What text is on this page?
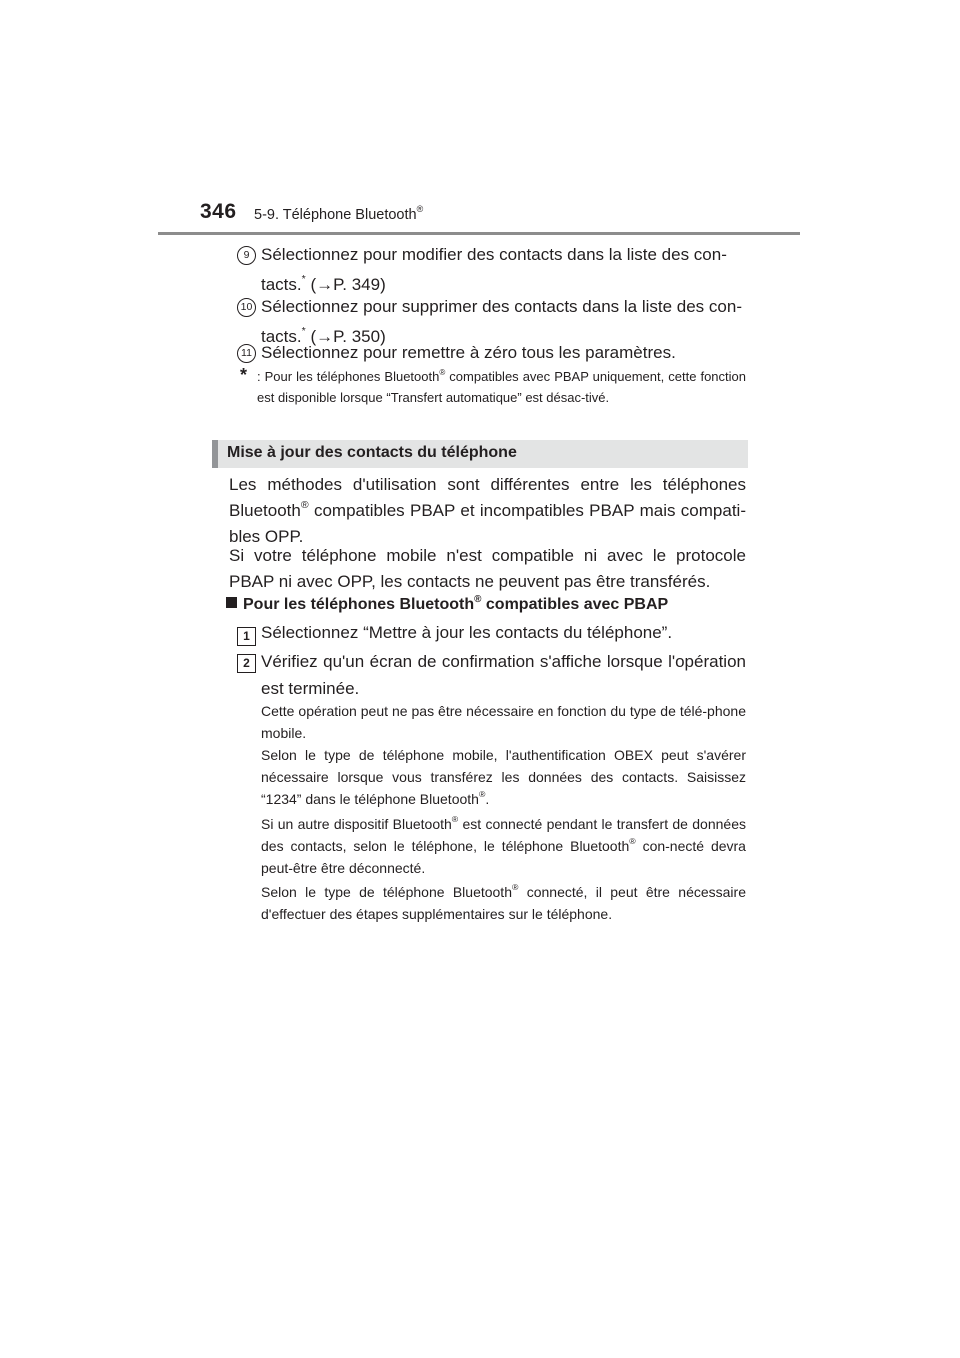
346 5-9. Téléphone Bluetooth®
9 Sélectionnez pour modifier des contacts dans la liste des con-
tacts.* (→P. 349)
10 Sélectionnez pour supprimer des contacts dans la liste des con-
tacts.* (→P. 350)
11 Sélectionnez pour remettre à zéro tous les paramètres.
* : Pour les téléphones Bluetooth® compatibles avec PBAP uniquement, cette fonction est disponible lorsque “Transfert automatique” est désac-tivé.
Mise à jour des contacts du téléphone
Les méthodes d'utilisation sont différentes entre les téléphones Bluetooth® compatibles PBAP et incompatibles PBAP mais compati-bles OPP.
Si votre téléphone mobile n'est compatible ni avec le protocole PBAP ni avec OPP, les contacts ne peuvent pas être transférés.
Pour les téléphones Bluetooth® compatibles avec PBAP
1 Sélectionnez “Mettre à jour les contacts du téléphone”.
2 Vérifiez qu'un écran de confirmation s'affiche lorsque l'opération est terminée.
Cette opération peut ne pas être nécessaire en fonction du type de télé-phone mobile.
Selon le type de téléphone mobile, l'authentification OBEX peut s'avérer nécessaire lorsque vous transférez les données des contacts. Saisissez “1234” dans le téléphone Bluetooth®.
Si un autre dispositif Bluetooth® est connecté pendant le transfert de données des contacts, selon le téléphone, le téléphone Bluetooth® con-necté devra peut-être être déconnecté.
Selon le type de téléphone Bluetooth® connecté, il peut être nécessaire d'effectuer des étapes supplémentaires sur le téléphone.
